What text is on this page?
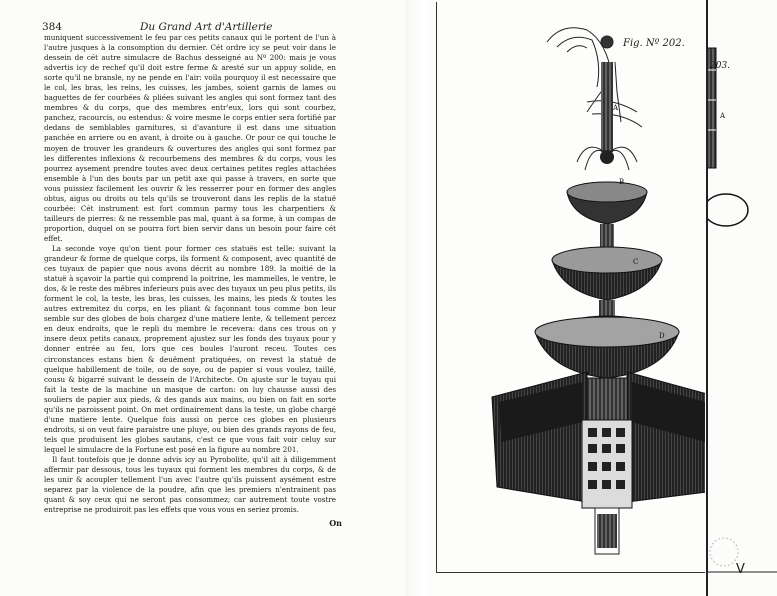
384	Du Grand Art d'Artillerie

muniquent successivement le feu par ces petits canaux qui le portent de l'un à l'autre jusques à la consomption du dernier. Cét ordre icy se peut voir dans le dessein de cét autre simulacre de Bachus desseigné au Nº 200: mais je vous advertis icy de rechef qu'il doit estre ferme & aresté sur un appuy solide, en sorte qu'il ne bransle, ny ne pende en l'air: voila pourquoy il est necessaire que le col, les bras, les reins, les cuisses, les jambes, soient garnis de lames ou baguettes de fer courbées & pliées suivant les angles qui sont formez tant des membres & du corps, que des membres entr'eux, lors qui sont courbez, panchez, racourcis, ou estendus: & voire mesme le corps entier sera fortifié par dedans de semblables garnitures, si d'avanture il est dans une situation panchée en arriere ou en avant, à droite ou à gauche. Or pour ce qui touche le moyen de trouver les grandeurs & ouvertures des angles qui sont formez par les differentes inflexions & recourbemens des membres & du corps, vous les pourrez aysement prendre toutes avec deux certaines petites regles attachées ensemble à l'un des bouts par un petit axe qui passe à travers, en sorte que vous puissiez facilement les ouvrir & les resserrer pour en former des angles obtus, aigus ou droits ou tels qu'ils se trouveront dans les replis de la statuë courbée: Cét instrument est fort commun parmy tous les charpentiers & tailleurs de pierres: & ne ressemble pas mal, quant à sa forme, à un compas de proportion, duquel on se pourra fort bien servir dans un besoin pour faire cét effet.

La seconde voye qu'on tient pour former ces statuës est telle: suivant la grandeur & forme de quelque corps, ils forment & composent, avec quantité de ces tuyaux de papier que nous avons décrit au nombre 189. la moitié de la statuë à sçavoir la partie qui comprend la poitrine, les mammelles, le ventre, le dos, & le reste des mêbres inferieurs puis avec des tuyaux un peu plus petits, ils forment le col, la teste, les bras, les cuisses, les mains, les pieds & toutes les autres extremitez du corps, en les pliant & façonnant tous comme bon leur semble sur des globes de bois chargez d'une matiere lente, & tellement percez en deux endroits, que le repli du membre le recevera: dans ces trous on y insere deux petits canaux, proprement ajustez sur les fonds des tuyaux pour y donner entrée au feu, lors que ces boules l'auront receu. Toutes ces circonstances estans bien & deuëment pratiquées, on revest la statuë de quelque habillement de toile, ou de soye, ou de papier si vous voulez, taillé, cousu & bigarré suivant le dessein de l'Architecte. On ajuste sur le tuyau qui fait la teste de la machine un masque de carton: on luy chausse aussi des souliers de papier aux pieds, & des gands aux mains, ou bien on fait en sorte qu'ils ne paroissent point. On met ordinairement dans la teste, un globe chargé d'une matiere lente. Quelque fois aussi on perce ces globes en plusieurs endroits, si on veut faire paraistre une pluye, ou bien des grands rayons de feu, tels que produisent les globes sautans, c'est ce que vous fait voir celuy sur lequel le simulacre de la Fortune est posé en la figure au nombre 201.

Il faut toutefois que je donne advis icy au Pyrobolite, qu'il ait à diligemment affermir par dessous, tous les tuyaux qui forment les membres du corps, & de les unir & acoupler tellement l'un avec l'autre qu'ils puissent aysément estre separez par la violence de la poudre, afin que les premiers n'entrainent pas quant & soy ceux qui ne seront pas consommez; car autrement toute vostre entreprise ne produiroit pas les effets que vous vous en seriez promis.

On
C
D
A
B
Fig. Nº 202.
A
203.
V
